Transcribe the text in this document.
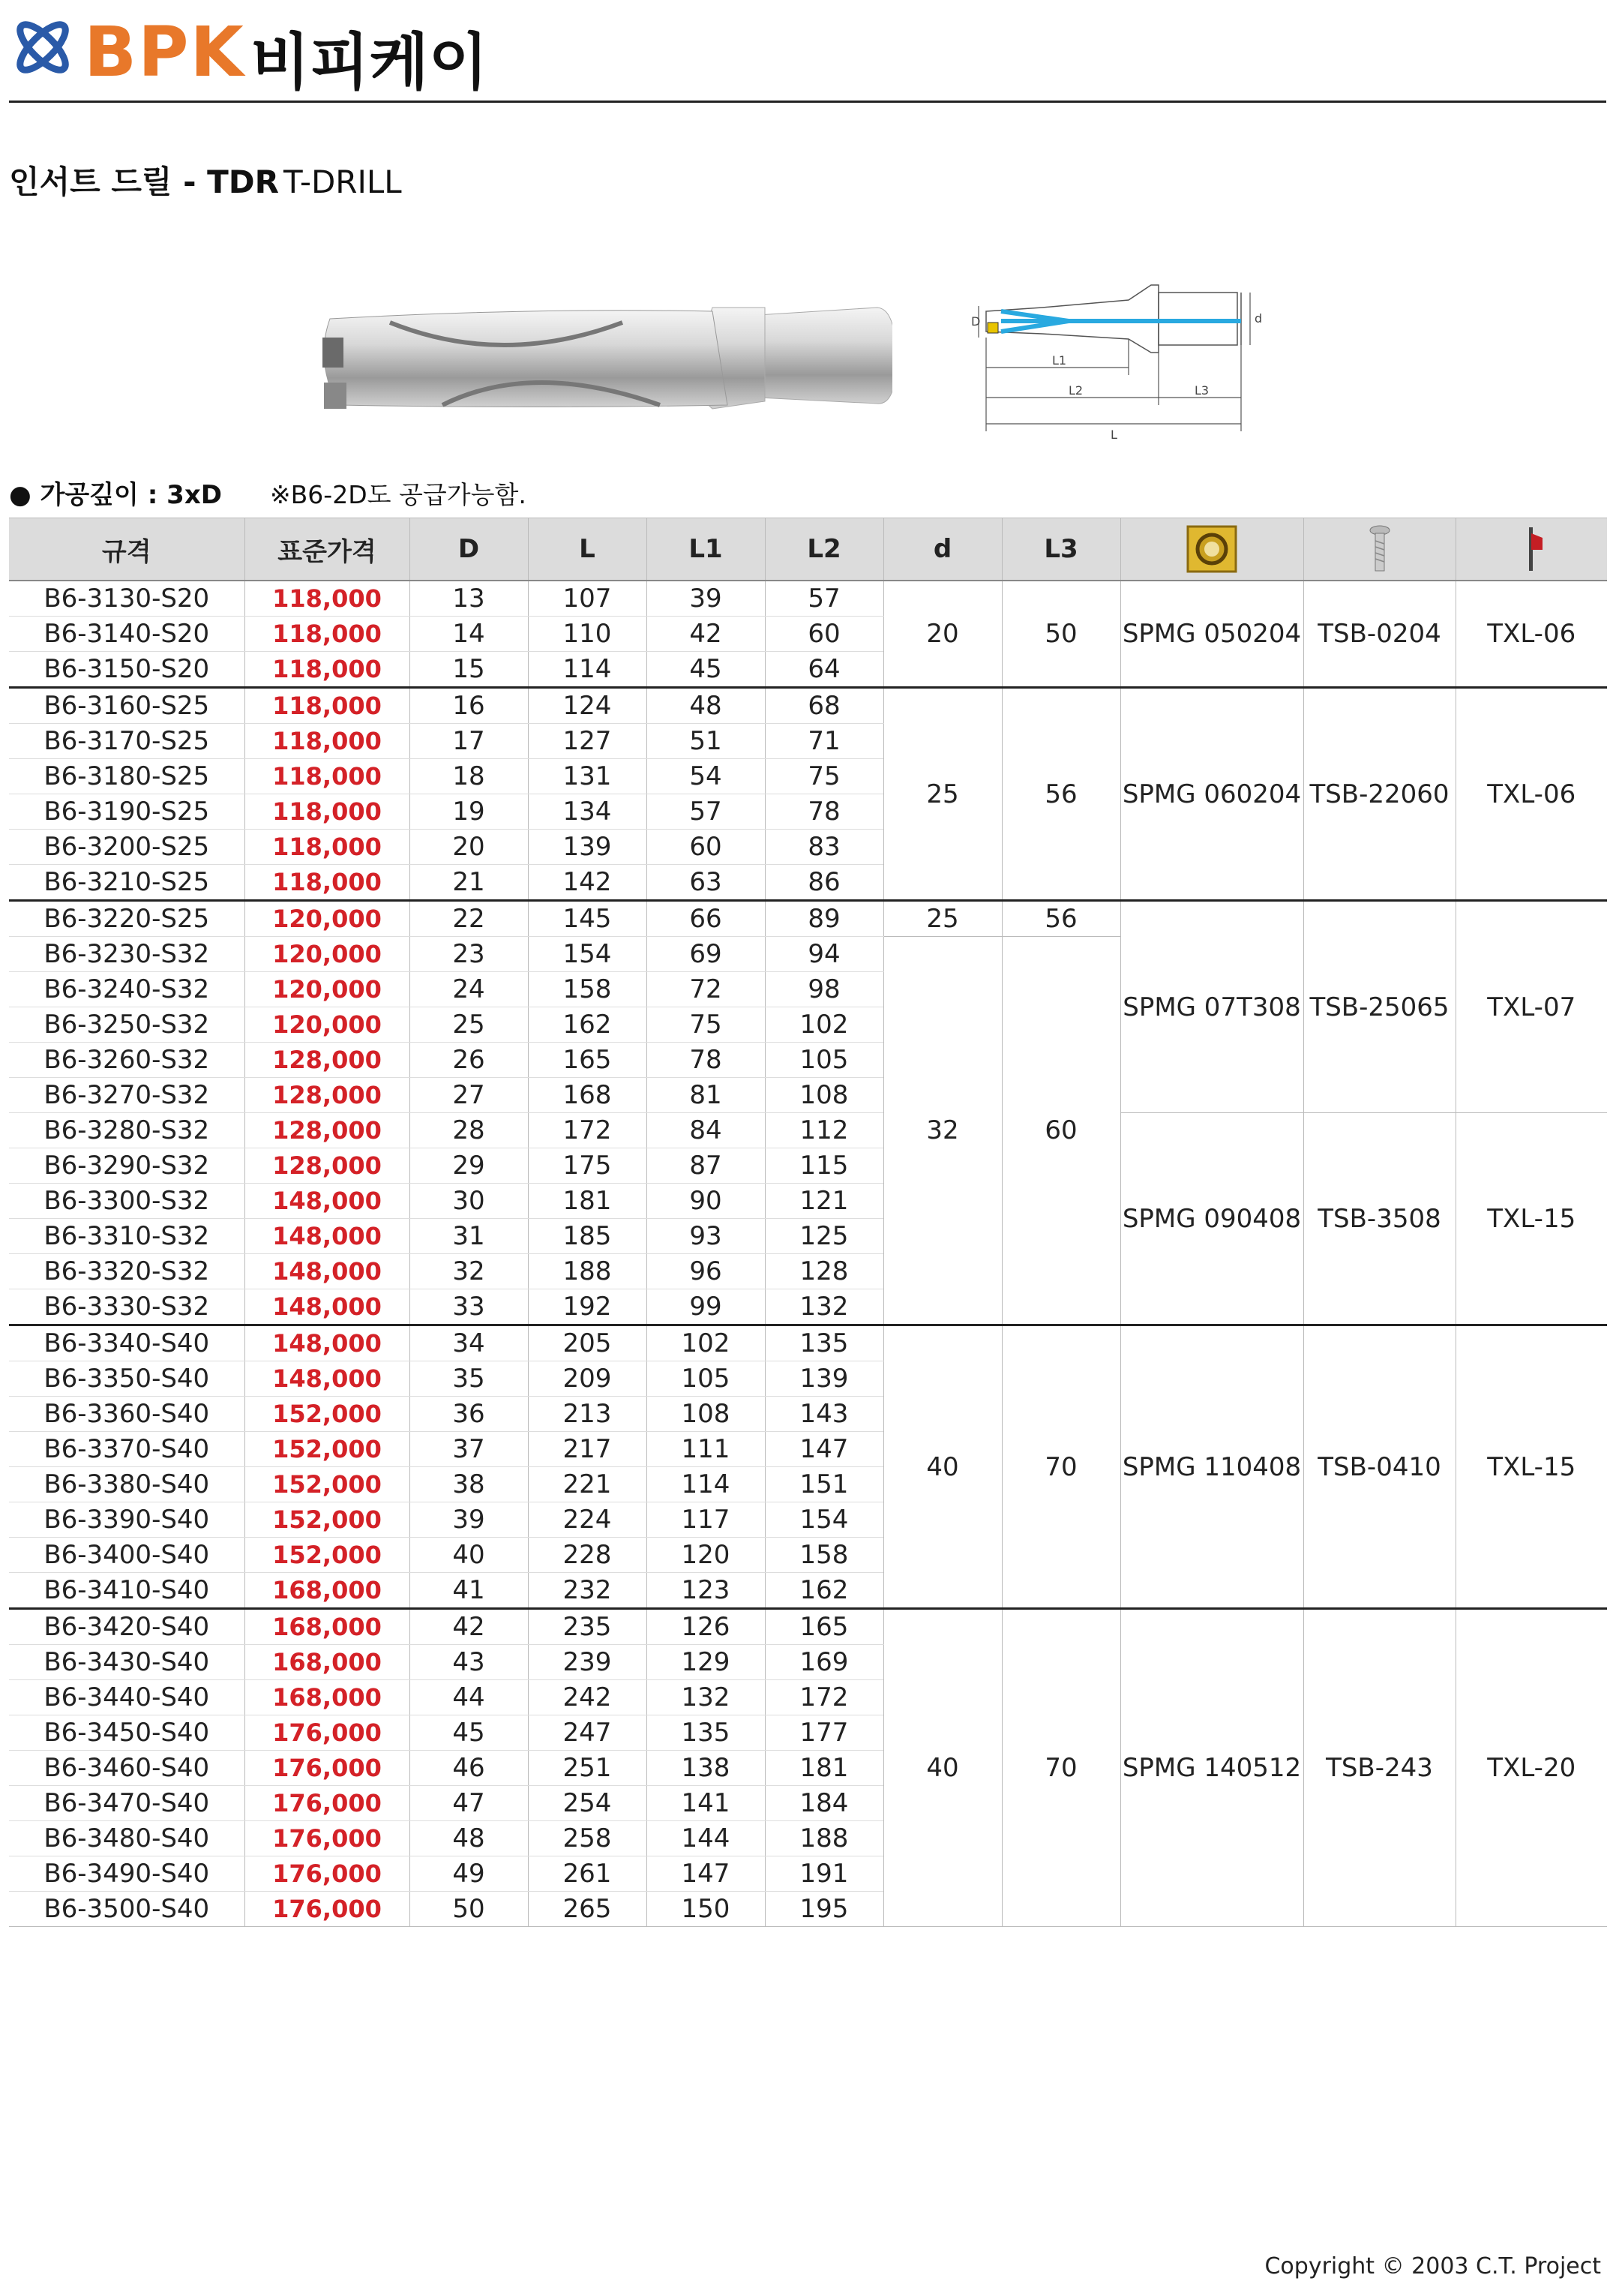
BPK 비피케이
인서트 드릴 - TDR T-DRILL
D	d
L1
L2	L3
L
● 가공깊이 : 3xD ※B6-2D도 공급가능함.
규격	표준가격	D	L	L1	L2	d	L3			
B6-3130-S20	118,000	13	107	39	57	20	50	SPMG 050204	TSB-0204	TXL-06
B6-3140-S20	118,000	14	110	42	60					
B6-3150-S20	118,000	15	114	45	64					
B6-3160-S25	118,000	16	124	48	68	25	56	SPMG 060204	TSB-22060	TXL-06
B6-3170-S25	118,000	17	127	51	71					
B6-3180-S25	118,000	18	131	54	75					
B6-3190-S25	118,000	19	134	57	78					
B6-3200-S25	118,000	20	139	60	83					
B6-3210-S25	118,000	21	142	63	86					
B6-3220-S25	120,000	22	145	66	89	25	56	SPMG 07T308	TSB-25065	TXL-07
B6-3230-S32	120,000	23	154	69	94	32	60			
B6-3240-S32	120,000	24	158	72	98					
B6-3250-S32	120,000	25	162	75	102					
B6-3260-S32	128,000	26	165	78	105					
B6-3270-S32	128,000	27	168	81	108					
B6-3280-S32	128,000	28	172	84	112			SPMG 090408	TSB-3508	TXL-15
B6-3290-S32	128,000	29	175	87	115					
B6-3300-S32	148,000	30	181	90	121					
B6-3310-S32	148,000	31	185	93	125					
B6-3320-S32	148,000	32	188	96	128					
B6-3330-S32	148,000	33	192	99	132					
B6-3340-S40	148,000	34	205	102	135	40	70	SPMG 110408	TSB-0410	TXL-15
B6-3350-S40	148,000	35	209	105	139					
B6-3360-S40	152,000	36	213	108	143					
B6-3370-S40	152,000	37	217	111	147					
B6-3380-S40	152,000	38	221	114	151					
B6-3390-S40	152,000	39	224	117	154					
B6-3400-S40	152,000	40	228	120	158					
B6-3410-S40	168,000	41	232	123	162					
B6-3420-S40	168,000	42	235	126	165	40	70	SPMG 140512	TSB-243	TXL-20
B6-3430-S40	168,000	43	239	129	169					
B6-3440-S40	168,000	44	242	132	172					
B6-3450-S40	176,000	45	247	135	177					
B6-3460-S40	176,000	46	251	138	181					
B6-3470-S40	176,000	47	254	141	184					
B6-3480-S40	176,000	48	258	144	188					
B6-3490-S40	176,000	49	261	147	191					
B6-3500-S40	176,000	50	265	150	195					
Copyright © 2003 C.T. Project
